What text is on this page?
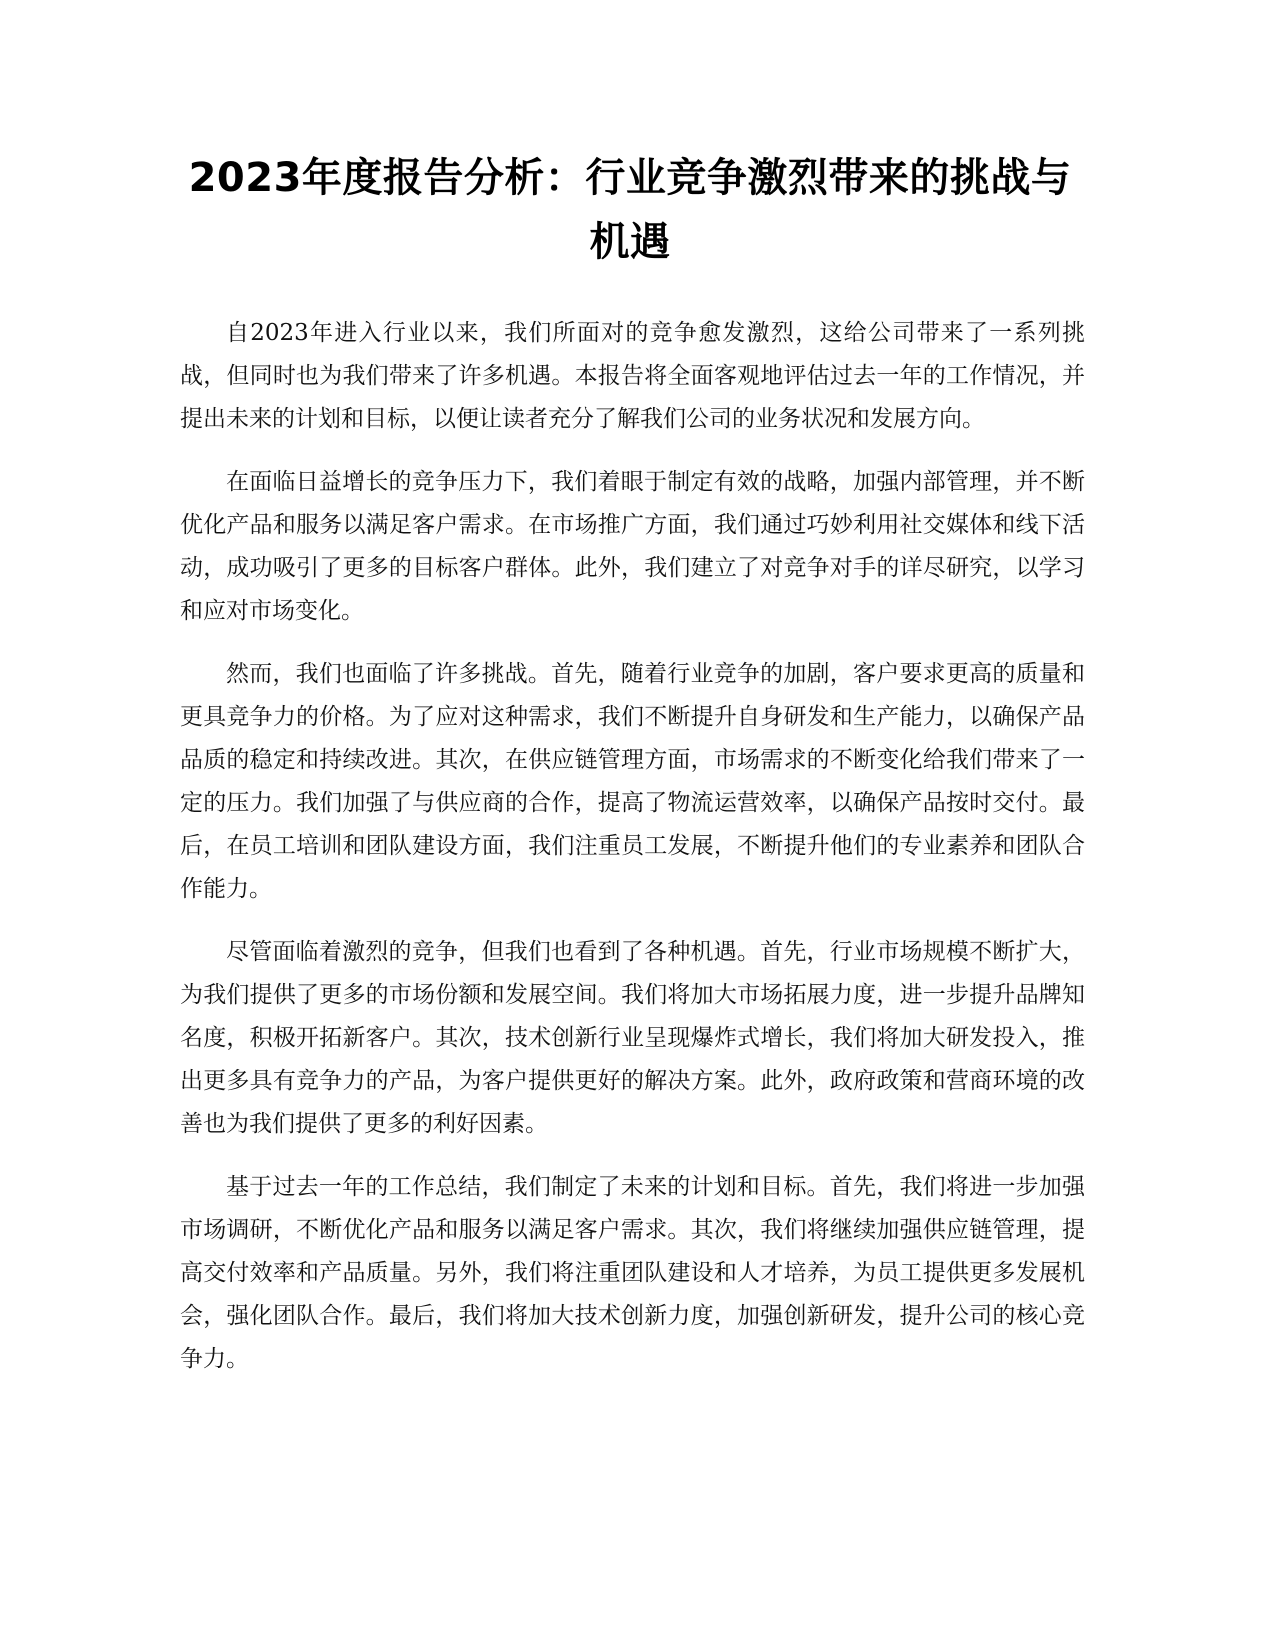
2023年度报告分析：行业竞争激烈带来的挑战与机遇

自2023年进入行业以来，我们所面对的竞争愈发激烈，这给公司带来了一系列挑战，但同时也为我们带来了许多机遇。本报告将全面客观地评估过去一年的工作情况，并提出未来的计划和目标，以便让读者充分了解我们公司的业务状况和发展方向。

在面临日益增长的竞争压力下，我们着眼于制定有效的战略，加强内部管理，并不断优化产品和服务以满足客户需求。在市场推广方面，我们通过巧妙利用社交媒体和线下活动，成功吸引了更多的目标客户群体。此外，我们建立了对竞争对手的详尽研究，以学习和应对市场变化。

然而，我们也面临了许多挑战。首先，随着行业竞争的加剧，客户要求更高的质量和更具竞争力的价格。为了应对这种需求，我们不断提升自身研发和生产能力，以确保产品品质的稳定和持续改进。其次，在供应链管理方面，市场需求的不断变化给我们带来了一定的压力。我们加强了与供应商的合作，提高了物流运营效率，以确保产品按时交付。最后，在员工培训和团队建设方面，我们注重员工发展，不断提升他们的专业素养和团队合作能力。

尽管面临着激烈的竞争，但我们也看到了各种机遇。首先，行业市场规模不断扩大，为我们提供了更多的市场份额和发展空间。我们将加大市场拓展力度，进一步提升品牌知名度，积极开拓新客户。其次，技术创新行业呈现爆炸式增长，我们将加大研发投入，推出更多具有竞争力的产品，为客户提供更好的解决方案。此外，政府政策和营商环境的改善也为我们提供了更多的利好因素。

基于过去一年的工作总结，我们制定了未来的计划和目标。首先，我们将进一步加强市场调研，不断优化产品和服务以满足客户需求。其次，我们将继续加强供应链管理，提高交付效率和产品质量。另外，我们将注重团队建设和人才培养，为员工提供更多发展机会，强化团队合作。最后，我们将加大技术创新力度，加强创新研发，提升公司的核心竞争力。
